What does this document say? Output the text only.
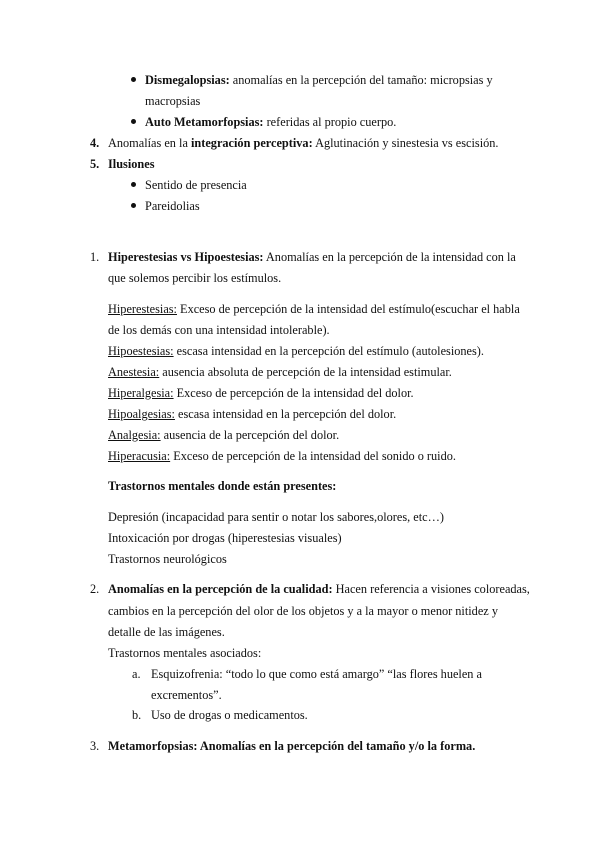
Dismegalopsias: anomalías en la percepción del tamaño: micropsias y
macropsias
Auto Metamorfopsias: referidas al propio cuerpo.
4. Anomalías en la integración perceptiva: Aglutinación y sinestesia vs escisión.
5. Ilusiones
Sentido de presencia
Pareidolias
1. Hiperestesias vs Hipoestesias: Anomalías en la percepción de la intensidad con la
que solemos percibir los estímulos.
Hiperestesias: Exceso de percepción de la intensidad del estímulo(escuchar el habla
de los demás con una intensidad intolerable).
Hipoestesias: escasa intensidad en la percepción del estímulo (autolesiones).
Anestesia: ausencia absoluta de percepción de la intensidad estimular.
Hiperalgesia: Exceso de percepción de la intensidad del dolor.
Hipoalgesias: escasa intensidad en la percepción del dolor.
Analgesia: ausencia de la percepción del dolor.
Hiperacusia: Exceso de percepción de la intensidad del sonido o ruido.
Trastornos mentales donde están presentes:
Depresión (incapacidad para sentir o notar los sabores,olores, etc…)
Intoxicación por drogas (hiperestesias visuales)
Trastornos neurológicos
2. Anomalías en la percepción de la cualidad: Hacen referencia a visiones coloreadas,
cambios en la percepción del olor de los objetos y a la mayor o menor nitidez y
detalle de las imágenes.
Trastornos mentales asociados:
a. Esquizofrenia: “todo lo que como está amargo” “las flores huelen a
excrementos”.
b. Uso de drogas o medicamentos.
3. Metamorfopsias: Anomalías en la percepción del tamaño y/o la forma.
